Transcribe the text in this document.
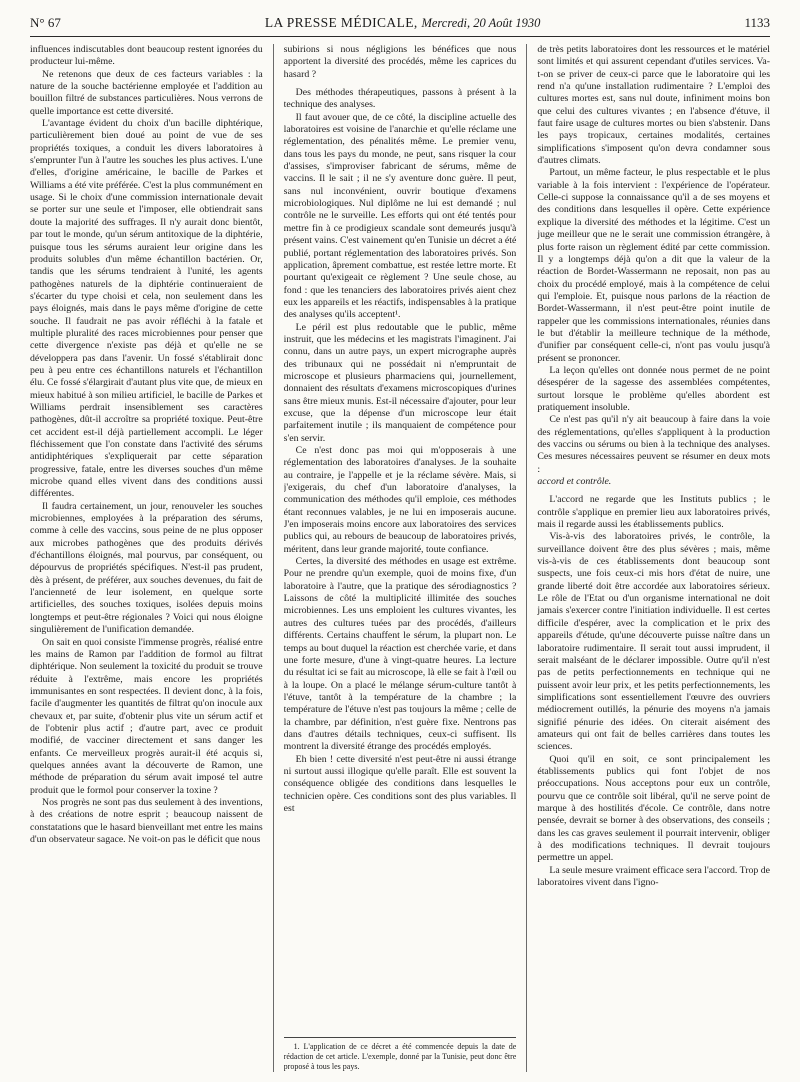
N° 67	LA PRESSE MÉDICALE, Mercredi, 20 Août 1930	1133

influences indiscutables dont beaucoup restent ignorées du producteur lui-même.

Ne retenons que deux de ces facteurs variables : la nature de la souche bactérienne employée et l'addition au bouillon filtré de substances particulières. Nous verrons de quelle importance est cette diversité.

L'avantage évident du choix d'un bacille diphtérique, particulièrement bien doué au point de vue de ses propriétés toxiques, a conduit les divers laboratoires à s'emprunter l'un à l'autre les souches les plus actives. L'une d'elles, d'origine américaine, le bacille de Parkes et Williams a été vite préférée. C'est la plus communément en usage. Si le choix d'une commission internationale devait se porter sur une seule et l'imposer, elle obtiendrait sans doute la majorité des suffrages. Il n'y aurait donc bientôt, par tout le monde, qu'un sérum antitoxique de la diphtérie, puisque tous les sérums auraient leur origine dans les produits solubles d'un même échantillon bactérien. Or, tandis que les sérums tendraient à l'unité, les agents pathogènes naturels de la diphtérie continueraient de s'écarter du type choisi et cela, non seulement dans les pays éloignés, mais dans le pays même d'origine de cette souche. Il faudrait ne pas avoir réfléchi à la fatale et multiple pluralité des races microbiennes pour penser que cette divergence n'existe pas déjà et qu'elle ne se développera pas dans l'avenir. Un fossé s'établirait donc peu à peu entre ces échantillons naturels et l'échantillon élu. Ce fossé s'élargirait d'autant plus vite que, de mieux en mieux habitué à son milieu artificiel, le bacille de Parkes et Williams perdrait insensiblement ses caractères pathogènes, dût-il accroître sa propriété toxique. Peut-être cet accident est-il déjà partiellement accompli. Le léger fléchissement que l'on constate dans l'activité des sérums antidiphtériques s'expliquerait par cette séparation progressive, fatale, entre les diverses souches d'un même microbe quand elles vivent dans des conditions aussi différentes.

Il faudra certainement, un jour, renouveler les souches microbiennes, employées à la préparation des sérums, comme à celle des vaccins, sous peine de ne plus opposer aux microbes pathogènes que des produits dérivés d'échantillons éloignés, mal pourvus, par conséquent, ou dépourvus de propriétés spécifiques. N'est-il pas prudent, dès à présent, de préférer, aux souches devenues, du fait de l'ancienneté de leur isolement, en quelque sorte artificielles, des souches toxiques, isolées depuis moins longtemps et peut-être régionales ? Voici qui nous éloigne singulièrement de l'unification demandée.

On sait en quoi consiste l'immense progrès, réalisé entre les mains de Ramon par l'addition de formol au filtrat diphtérique. Non seulement la toxicité du produit se trouve réduite à l'extrême, mais encore les propriétés immunisantes en sont respectées. Il devient donc, à la fois, facile d'augmenter les quantités de filtrat qu'on inocule aux chevaux et, par suite, d'obtenir plus vite un sérum actif et de l'obtenir plus actif ; d'autre part, avec ce produit modifié, de vacciner directement et sans danger les enfants. Ce merveilleux progrès aurait-il été acquis si, quelques années avant la découverte de Ramon, une méthode de préparation du sérum avait imposé tel autre produit que le formol pour conserver la toxine ?

Nos progrès ne sont pas dus seulement à des inventions, à des créations de notre esprit ; beaucoup naissent de constatations que le hasard bienveillant met entre les mains d'un observateur sagace. Ne voit-on pas le déficit que nous

subirions si nous négligions les bénéfices que nous apportent la diversité des procédés, même les caprices du hasard ?

Des méthodes thérapeutiques, passons à présent à la technique des analyses.

Il faut avouer que, de ce côté, la discipline actuelle des laboratoires est voisine de l'anarchie et qu'elle réclame une réglementation, des pénalités même. Le premier venu, dans tous les pays du monde, ne peut, sans risquer la cour d'assises, s'improviser fabricant de sérums, même de vaccins. Il le sait ; il ne s'y aventure donc guère. Il peut, sans nul inconvénient, ouvrir boutique d'examens microbiologiques. Nul diplôme ne lui est demandé ; nul contrôle ne le surveille. Les efforts qui ont été tentés pour mettre fin à ce prodigieux scandale sont demeurés jusqu'à présent vains. C'est vainement qu'en Tunisie un décret a été publié, portant réglementation des laboratoires privés. Son application, âprement combattue, est restée lettre morte. Et pourtant qu'exigeait ce règlement ? Une seule chose, au fond : que les tenanciers des laboratoires privés aient chez eux les appareils et les réactifs, indispensables à la pratique des analyses qu'ils acceptent¹.

Le péril est plus redoutable que le public, même instruit, que les médecins et les magistrats l'imaginent. J'ai connu, dans un autre pays, un expert micrographe auprès des tribunaux qui ne possédait ni n'empruntait de microscope et plusieurs pharmaciens qui, journellement, donnaient des résultats d'examens microscopiques d'urines sans être mieux munis. Est-il nécessaire d'ajouter, pour leur excuse, que la dépense d'un microscope leur était parfaitement inutile ; ils manquaient de compétence pour s'en servir.

Ce n'est donc pas moi qui m'opposerais à une réglementation des laboratoires d'analyses. Je la souhaite au contraire, je l'appelle et je la réclame sévère. Mais, si j'exigerais, du chef d'un laboratoire d'analyses, la communication des méthodes qu'il emploie, ces méthodes étant reconnues valables, je ne lui en imposerais aucune. J'en imposerais moins encore aux laboratoires des services publics qui, au rebours de beaucoup de laboratoires privés, méritent, dans leur grande majorité, toute confiance.

Certes, la diversité des méthodes en usage est extrême. Pour ne prendre qu'un exemple, quoi de moins fixe, d'un laboratoire à l'autre, que la pratique des sérodiagnostics ? Laissons de côté la multiplicité illimitée des souches microbiennes. Les uns emploient les cultures vivantes, les autres des cultures tuées par des procédés, d'ailleurs différents. Certains chauffent le sérum, la plupart non. Le temps au bout duquel la réaction est cherchée varie, et dans une forte mesure, d'une à vingt-quatre heures. La lecture du résultat ici se fait au microscope, là elle se fait à l'œil ou à la loupe. On a placé le mélange sérum-culture tantôt à l'étuve, tantôt à la température de la chambre ; la température de l'étuve n'est pas toujours la même ; celle de la chambre, par définition, n'est guère fixe. Nentrons pas dans d'autres détails techniques, ceux-ci suffisent. Ils montrent la diversité étrange des procédés employés.

Eh bien ! cette diversité n'est peut-être ni aussi étrange ni surtout aussi illogique qu'elle paraît. Elle est souvent la conséquence obligée des conditions dans lesquelles le technicien opère. Ces conditions sont des plus variables. Il est

1. L'application de ce décret a été commencée depuis la date de rédaction de cet article. L'exemple, donné par la Tunisie, peut donc être proposé à tous les pays.

de très petits laboratoires dont les ressources et le matériel sont limités et qui assurent cependant d'utiles services. Va-t-on se priver de ceux-ci parce que le laboratoire qui les rend n'a qu'une installation rudimentaire ? L'emploi des cultures mortes est, sans nul doute, infiniment moins bon que celui des cultures vivantes ; en l'absence d'étuve, il faut faire usage de cultures mortes ou bien s'abstenir. Dans les pays tropicaux, certaines modalités, certaines simplifications s'imposent qu'on devra condamner sous d'autres climats.

Partout, un même facteur, le plus respectable et le plus variable à la fois intervient : l'expérience de l'opérateur. Celle-ci suppose la connaissance qu'il a de ses moyens et des conditions dans lesquelles il opère. Cette expérience explique la diversité des méthodes et la légitime. C'est un juge meilleur que ne le serait une commission étrangère, à plus forte raison un règlement édité par cette commission. Il y a longtemps déjà qu'on a dit que la valeur de la réaction de Bordet-Wassermann ne reposait, non pas au choix du procédé employé, mais à la compétence de celui qui l'emploie. Et, puisque nous parlons de la réaction de Bordet-Wassermann, il n'est peut-être point inutile de rappeler que les commissions internationales, réunies dans le but d'établir la meilleure technique de la méthode, d'unifier par conséquent celle-ci, n'ont pas voulu jusqu'à présent se prononcer.

La leçon qu'elles ont donnée nous permet de ne point désespérer de la sagesse des assemblées compétentes, surtout lorsque le problème qu'elles abordent est pratiquement insoluble.

Ce n'est pas qu'il n'y ait beaucoup à faire dans la voie des réglementations, qu'elles s'appliquent à la production des vaccins ou sérums ou bien à la technique des analyses. Ces mesures nécessaires peuvent se résumer en deux mots :

accord et contrôle.

L'accord ne regarde que les Instituts publics ; le contrôle s'applique en premier lieu aux laboratoires privés, mais il regarde aussi les établissements publics.

Vis-à-vis des laboratoires privés, le contrôle, la surveillance doivent être des plus sévères ; mais, même vis-à-vis de ces établissements dont beaucoup sont suspects, une fois ceux-ci mis hors d'état de nuire, une grande liberté doit être accordée aux laboratoires sérieux. Le rôle de l'Etat ou d'un organisme international ne doit jamais s'exercer contre l'initiation individuelle. Il est certes difficile d'espérer, avec la complication et le prix des appareils d'étude, qu'une découverte puisse naître dans un laboratoire rudimentaire. Il serait tout aussi imprudent, il serait malséant de le déclarer impossible. Outre qu'il n'est pas de petits perfectionnements en technique qui ne puissent avoir leur prix, et les petits perfectionnements, les simplifications sont essentiellement l'œuvre des ouvriers médiocrement outillés, la pénurie des moyens n'a jamais signifié pénurie des idées. On citerait aisément des amateurs qui ont fait de belles carrières dans toutes les sciences.

Quoi qu'il en soit, ce sont principalement les établissements publics qui font l'objet de nos préoccupations. Nous acceptons pour eux un contrôle, pourvu que ce contrôle soit libéral, qu'il ne serve point de marque à des hostilités d'école. Ce contrôle, dans notre pensée, devrait se borner à des observations, des conseils ; dans les cas graves seulement il pourrait intervenir, obliger à des modifications techniques. Il devrait toujours permettre un appel.

La seule mesure vraiment efficace sera l'accord. Trop de laboratoires vivent dans l'igno-
